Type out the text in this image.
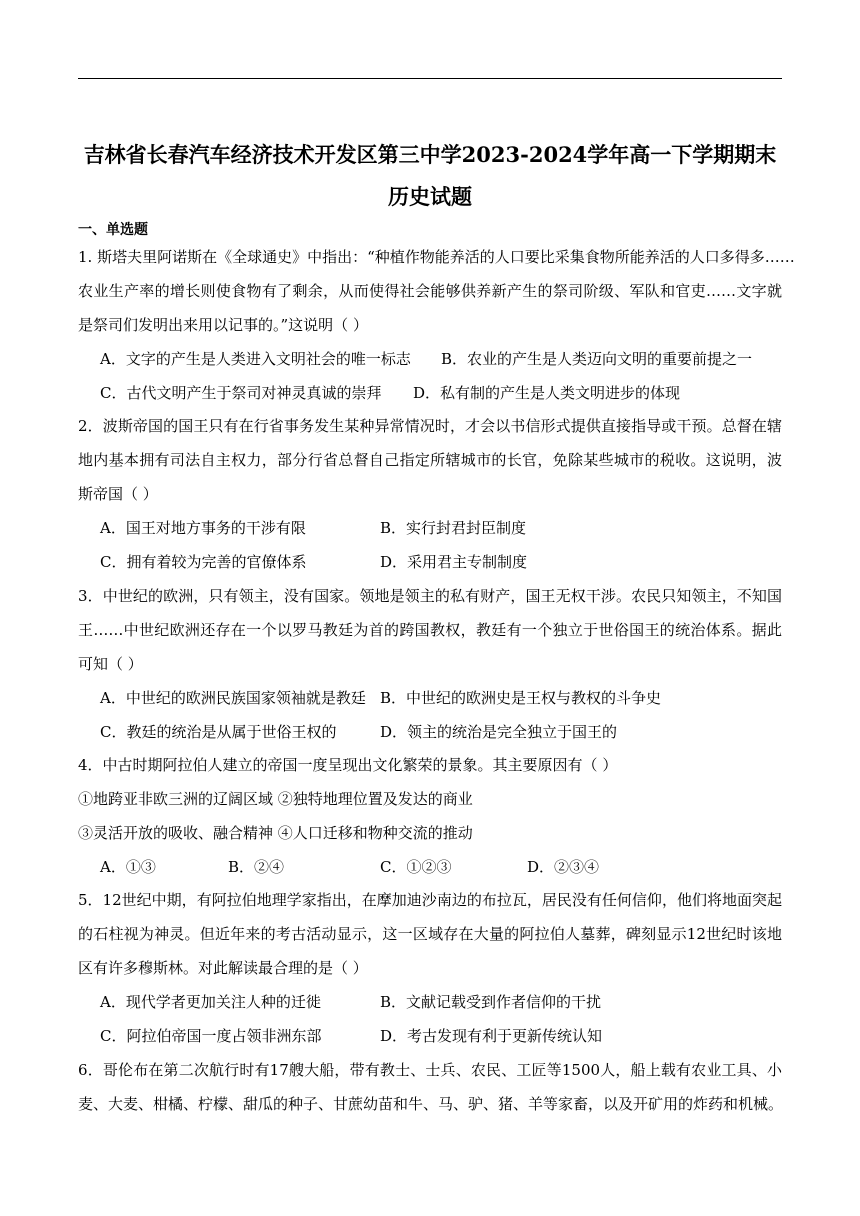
吉林省长春汽车经济技术开发区第三中学2023-2024学年高一下学期期末
历史试题
一、单选题
1. 斯塔夫里阿诺斯在《全球通史》中指出：“种植作物能养活的人口要比采集食物所能养活的人口多得多……
农业生产率的增长则使食物有了剩余，从而使得社会能够供养新产生的祭司阶级、军队和官吏……文字就
是祭司们发明出来用以记事的。”这说明（ ）
A．文字的产生是人类进入文明社会的唯一标志 B．农业的产生是人类迈向文明的重要前提之一
C．古代文明产生于祭司对神灵真诚的崇拜 D．私有制的产生是人类文明进步的体现
2．波斯帝国的国王只有在行省事务发生某种异常情况时，才会以书信形式提供直接指导或干预。总督在辖
地内基本拥有司法自主权力，部分行省总督自己指定所辖城市的长官，免除某些城市的税收。这说明，波
斯帝国（ ）
A．国王对地方事务的干涉有限	B．实行封君封臣制度
C．拥有着较为完善的官僚体系	D．采用君主专制制度
3．中世纪的欧洲，只有领主，没有国家。领地是领主的私有财产，国王无权干涉。农民只知领主，不知国
王……中世纪欧洲还存在一个以罗马教廷为首的跨国教权，教廷有一个独立于世俗国王的统治体系。据此
可知（ ）
A．中世纪的欧洲民族国家领袖就是教廷 B．中世纪的欧洲史是王权与教权的斗争史
C．教廷的统治是从属于世俗王权的	D．领主的统治是完全独立于国王的
4．中古时期阿拉伯人建立的帝国一度呈现出文化繁荣的景象。其主要原因有（ ）
①地跨亚非欧三洲的辽阔区域 ②独特地理位置及发达的商业
③灵活开放的吸收、融合精神 ④人口迁移和物种交流的推动
A．①③	B．②④	C．①②③	D．②③④
5．12世纪中期，有阿拉伯地理学家指出，在摩加迪沙南边的布拉瓦，居民没有任何信仰，他们将地面突起
的石柱视为神灵。但近年来的考古活动显示，这一区域存在大量的阿拉伯人墓葬，碑刻显示12世纪时该地
区有许多穆斯林。对此解读最合理的是（ ）
A．现代学者更加关注人种的迁徙	B．文献记载受到作者信仰的干扰
C．阿拉伯帝国一度占领非洲东部	D．考古发现有利于更新传统认知
6．哥伦布在第二次航行时有17艘大船，带有教士、士兵、农民、工匠等1500人，船上载有农业工具、小
麦、大麦、柑橘、柠檬、甜瓜的种子、甘蔗幼苗和牛、马、驴、猪、羊等家畜，以及开矿用的炸药和机械。
